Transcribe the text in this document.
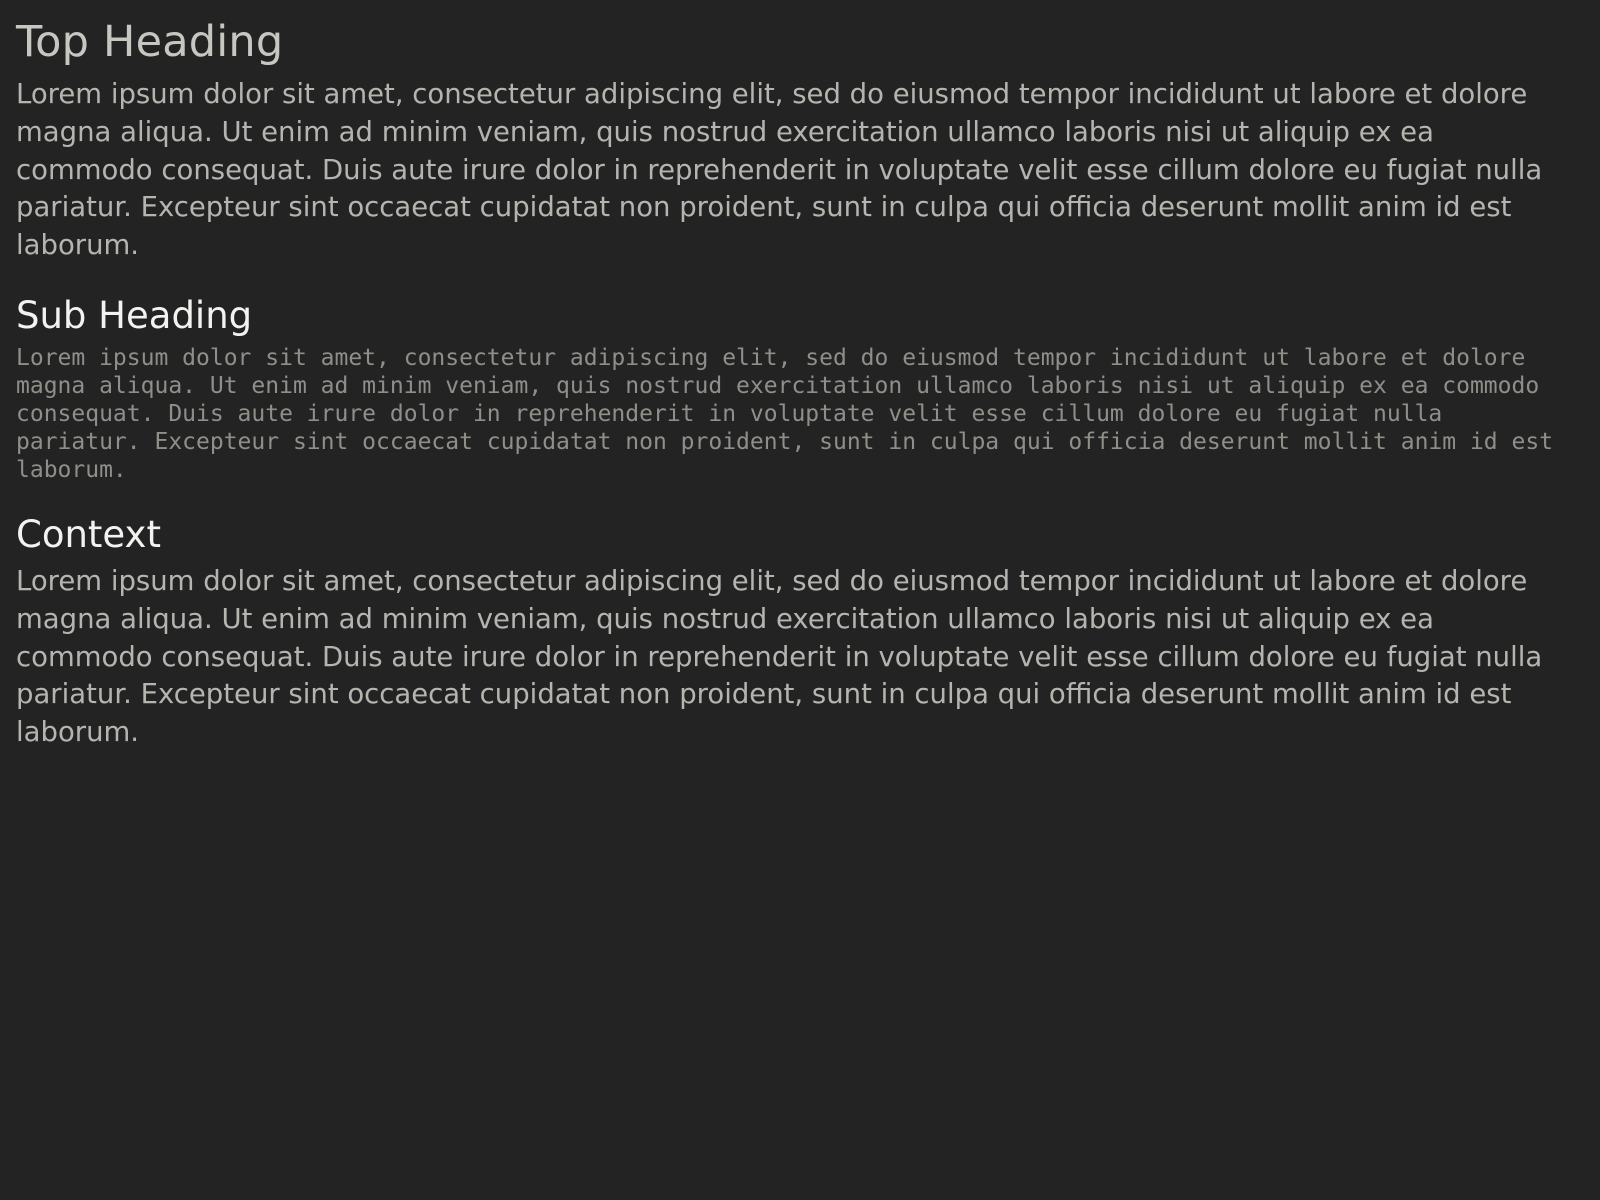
Top Heading

Lorem ipsum dolor sit amet, consectetur adipiscing elit, sed do eiusmod tempor incididunt ut labore et dolore magna aliqua. Ut enim ad minim veniam, quis nostrud exercitation ullamco laboris nisi ut aliquip ex ea commodo consequat. Duis aute irure dolor in reprehenderit in voluptate velit esse cillum dolore eu fugiat nulla pariatur. Excepteur sint occaecat cupidatat non proident, sunt in culpa qui officia deserunt mollit anim id est laborum.

Sub Heading

Lorem ipsum dolor sit amet, consectetur adipiscing elit, sed do eiusmod tempor incididunt ut labore et dolore magna aliqua. Ut enim ad minim veniam, quis nostrud exercitation ullamco laboris nisi ut aliquip ex ea commodo consequat. Duis aute irure dolor in reprehenderit in voluptate velit esse cillum dolore eu fugiat nulla pariatur. Excepteur sint occaecat cupidatat non proident, sunt in culpa qui officia deserunt mollit anim id est laborum.

Context

Lorem ipsum dolor sit amet, consectetur adipiscing elit, sed do eiusmod tempor incididunt ut labore et dolore magna aliqua. Ut enim ad minim veniam, quis nostrud exercitation ullamco laboris nisi ut aliquip ex ea commodo consequat. Duis aute irure dolor in reprehenderit in voluptate velit esse cillum dolore eu fugiat nulla pariatur. Excepteur sint occaecat cupidatat non proident, sunt in culpa qui officia deserunt mollit anim id est laborum.
